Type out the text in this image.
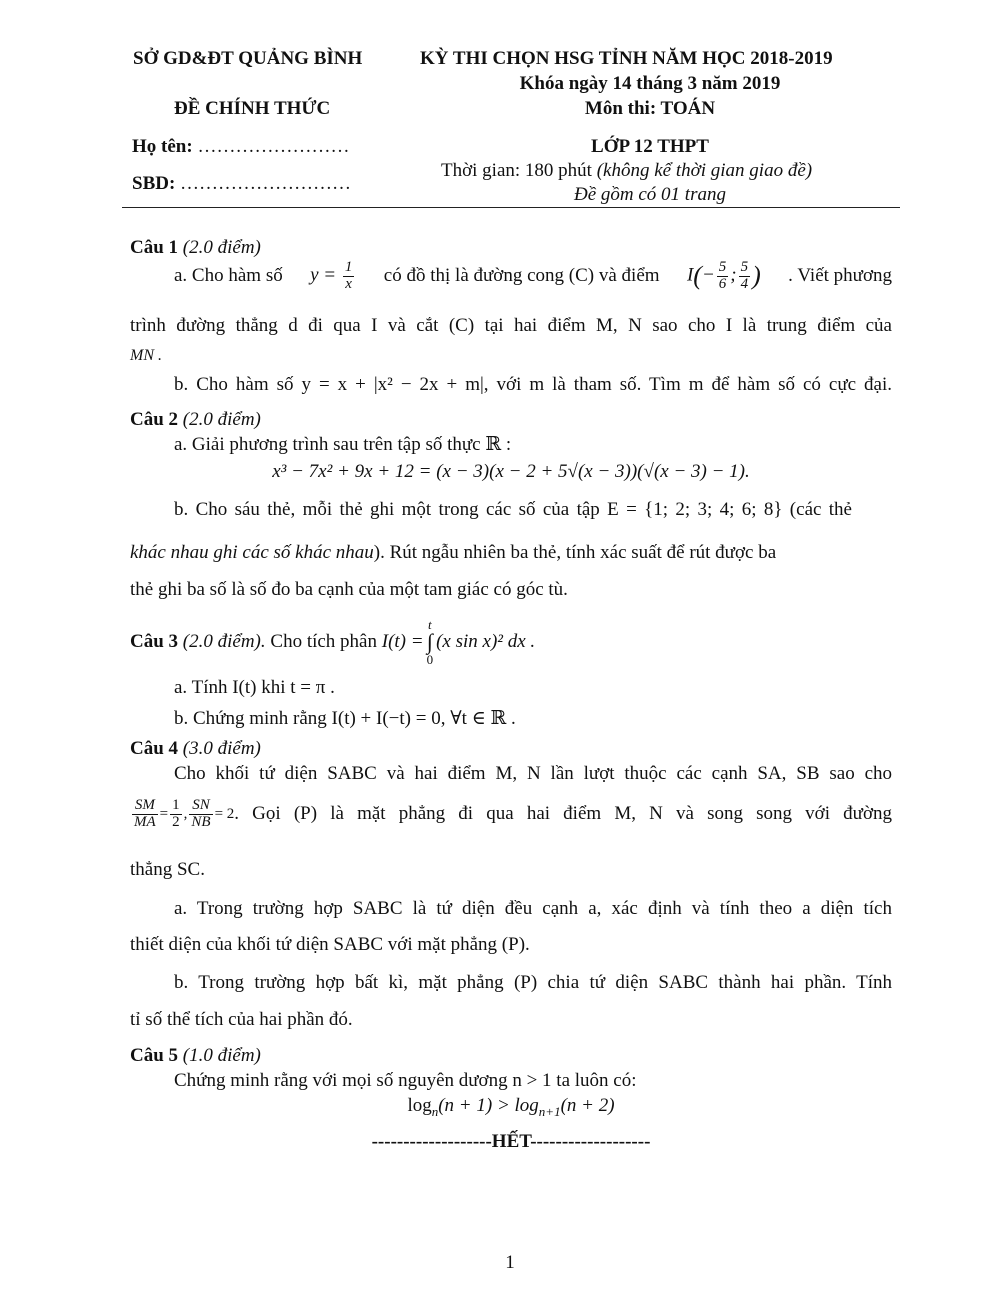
SỞ GD&ĐT QUẢNG BÌNH	KỲ THI CHỌN HSG TỈNH NĂM HỌC 2018-2019
Khóa ngày 14 tháng 3 năm 2019
ĐỀ CHÍNH THỨC	Môn thi: TOÁN
Họ tên: ……………………	LỚP 12 THPT
Thời gian: 180 phút (không kể thời gian giao đề)
SBD: ………………………
Đề gồm có 01 trang
Câu 1 (2.0 điểm)
a. Cho hàm số $y = \frac{1}{x}$ có đồ thị là đường cong (C) và điểm $I(- \frac{5}{6}$ ; $\frac{5}{4}$ ) . Viết phương
trình đường thẳng d đi qua I và cắt (C) tại hai điểm M, N sao cho I là trung điểm của
MN .
b. Cho hàm số y = x + |x² − 2x + m|, với m là tham số. Tìm m để hàm số có cực đại.
Câu 2 (2.0 điểm)
a. Giải phương trình sau trên tập số thực ℝ :
x³ − 7x² + 9x + 12 = (x − 3)(x − 2 + 5√(x − 3))(√(x − 3) − 1).
b. Cho sáu thẻ, mỗi thẻ ghi một trong các số của tập E = {1; 2; 3; 4; 6; 8} (các thẻ
khác nhau ghi các số khác nhau). Rút ngẫu nhiên ba thẻ, tính xác suất để rút được ba
thẻ ghi ba số là số đo ba cạnh của một tam giác có góc tù.
Câu 3
(2.0 điểm).
Cho tích phân
I(t) =
t
∫
0
(x sin x)² dx .
a. Tính I(t) khi t = π .
b. Chứng minh rằng I(t) + I(−t) = 0, ∀t ∈ ℝ .
Câu 4 (3.0 điểm)
Cho khối tứ diện SABC và hai điểm M, N lần lượt thuộc các cạnh SA, SB sao cho
$\frac{SM}{MA} = \frac{1}{2}$ , $\frac{SN}{NB} = 2$ . Gọi (P) là mặt phẳng đi qua hai điểm M, N và song song với đường
thẳng SC.
a. Trong trường hợp SABC là tứ diện đều cạnh a, xác định và tính theo a diện tích
thiết diện của khối tứ diện SABC với mặt phẳng (P).
b. Trong trường hợp bất kì, mặt phẳng (P) chia tứ diện SABC thành hai phần. Tính
tỉ số thể tích của hai phần đó.
Câu 5 (1.0 điểm)
Chứng minh rằng với mọi số nguyên dương n > 1 ta luôn có:
$\log_n(n + 1) > \log_{n+1}(n + 2)$
-------------------HẾT-------------------
1
